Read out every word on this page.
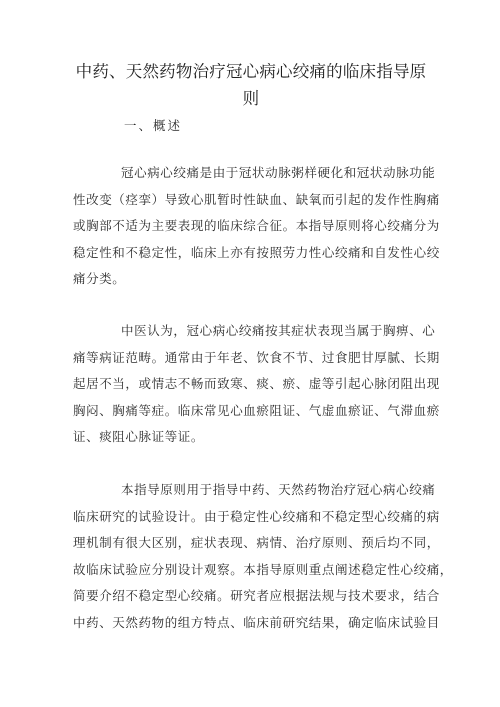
中药、天然药物治疗冠心病心绞痛的临床指导原
则
一、概述
冠心病心绞痛是由于冠状动脉粥样硬化和冠状动脉功能
性改变（痉挛）导致心肌暂时性缺血、缺氧而引起的发作性胸痛
或胸部不适为主要表现的临床综合征。本指导原则将心绞痛分为
稳定性和不稳定性，临床上亦有按照劳力性心绞痛和自发性心绞
痛分类。
中医认为，冠心病心绞痛按其症状表现当属于胸痹、心
痛等病证范畴。通常由于年老、饮食不节、过食肥甘厚腻、长期
起居不当，或情志不畅而致寒、痰、瘀、虚等引起心脉闭阻出现
胸闷、胸痛等症。临床常见心血瘀阻证、气虚血瘀证、气滞血瘀
证、痰阻心脉证等证。
本指导原则用于指导中药、天然药物治疗冠心病心绞痛
临床研究的试验设计。由于稳定性心绞痛和不稳定型心绞痛的病
理机制有很大区别，症状表现、病情、治疗原则、预后均不同，
故临床试验应分别设计观察。本指导原则重点阐述稳定性心绞痛，
简要介绍不稳定型心绞痛。研究者应根据法规与技术要求，结合
中药、天然药物的组方特点、临床前研究结果，确定临床试验目
